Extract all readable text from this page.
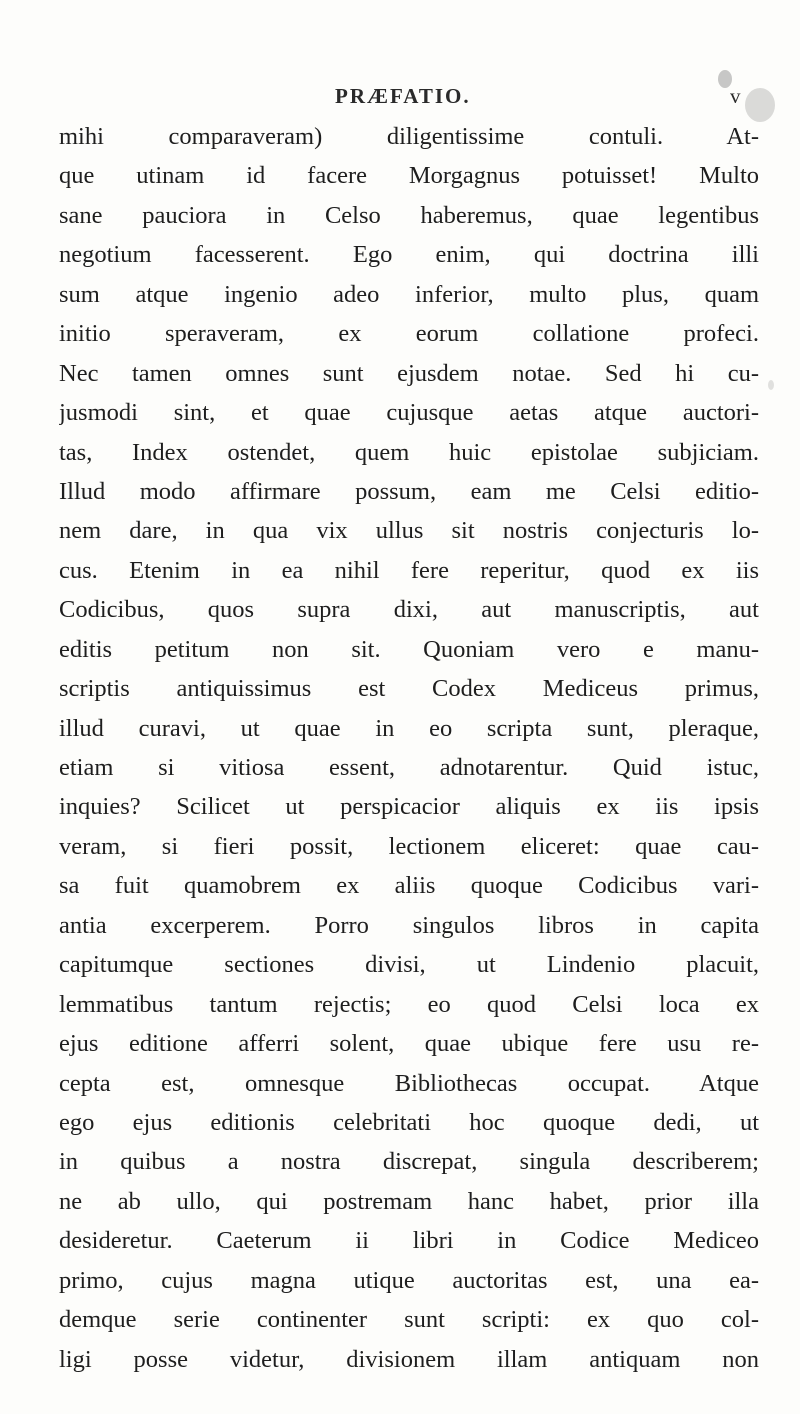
PRÆFATIO.	v
mihi comparaveram) diligentissime contuli. At-
que utinam id facere Morgagnus potuisset! Multo
sane pauciora in Celso haberemus, quae legentibus
negotium facesserent. Ego enim, qui doctrina illi
sum atque ingenio adeo inferior, multo plus, quam
initio speraveram, ex eorum collatione profeci.
Nec tamen omnes sunt ejusdem notae. Sed hi cu-
jusmodi sint, et quae cujusque aetas atque auctori-
tas, Index ostendet, quem huic epistolae subjiciam.
Illud modo affirmare possum, eam me Celsi editio-
nem dare, in qua vix ullus sit nostris conjecturis lo-
cus. Etenim in ea nihil fere reperitur, quod ex iis
Codicibus, quos supra dixi, aut manuscriptis, aut
editis petitum non sit. Quoniam vero e manu-
scriptis antiquissimus est Codex Mediceus primus,
illud curavi, ut quae in eo scripta sunt, pleraque,
etiam si vitiosa essent, adnotarentur. Quid istuc,
inquies? Scilicet ut perspicacior aliquis ex iis ipsis
veram, si fieri possit, lectionem eliceret: quae cau-
sa fuit quamobrem ex aliis quoque Codicibus vari-
antia excerperem. Porro singulos libros in capita
capitumque sectiones divisi, ut Lindenio placuit,
lemmatibus tantum rejectis; eo quod Celsi loca ex
ejus editione afferri solent, quae ubique fere usu re-
cepta est, omnesque Bibliothecas occupat. Atque
ego ejus editionis celebritati hoc quoque dedi, ut
in quibus a nostra discrepat, singula describerem;
ne ab ullo, qui postremam hanc habet, prior illa
desideretur. Caeterum ii libri in Codice Mediceo
primo, cujus magna utique auctoritas est, una ea-
demque serie continenter sunt scripti: ex quo col-
ligi posse videtur, divisionem illam antiquam non
